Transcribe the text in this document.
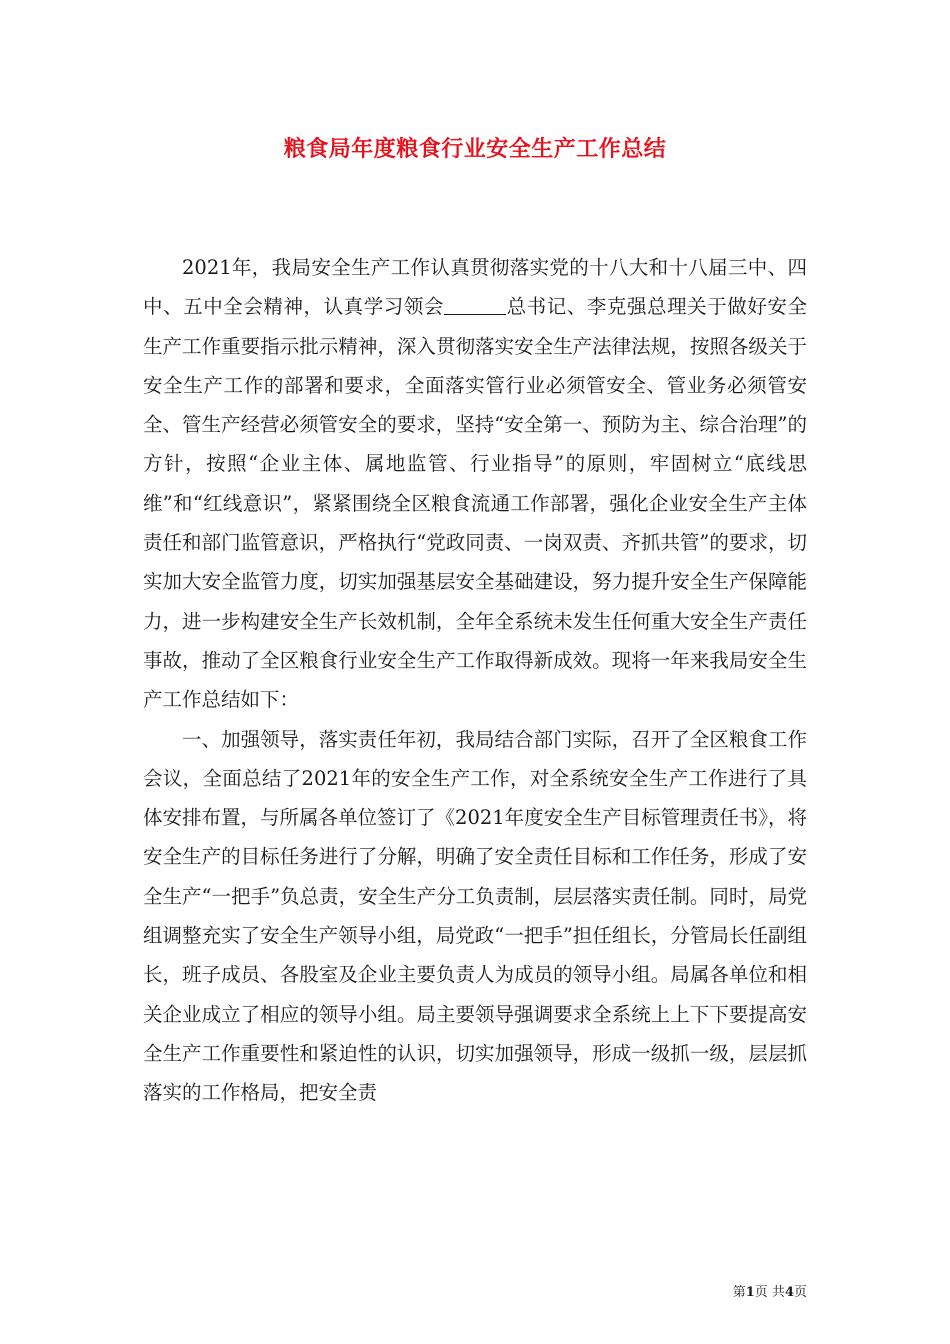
粮食局年度粮食行业安全生产工作总结

2021年，我局安全生产工作认真贯彻落实党的十八大和十八届三中、四中、五中全会精神，认真学习领会	总书记、李克强总理关于做好安全生产工作重要指示批示精神，深入贯彻落实安全生产法律法规，按照各级关于安全生产工作的部署和要求，全面落实管行业必须管安全、管业务必须管安全、管生产经营必须管安全的要求，坚持“安全第一、预防为主、综合治理”的方针，按照“企业主体、属地监管、行业指导”的原则，牢固树立“底线思维”和“红线意识”，紧紧围绕全区粮食流通工作部署，强化企业安全生产主体责任和部门监管意识，严格执行“党政同责、一岗双责、齐抓共管”的要求，切实加大安全监管力度，切实加强基层安全基础建设，努力提升安全生产保障能力，进一步构建安全生产长效机制，全年全系统未发生任何重大安全生产责任事故，推动了全区粮食行业安全生产工作取得新成效。现将一年来我局安全生产工作总结如下：

一、加强领导，落实责任年初，我局结合部门实际，召开了全区粮食工作会议，全面总结了2021年的安全生产工作，对全系统安全生产工作进行了具体安排布置，与所属各单位签订了《2021年度安全生产目标管理责任书》，将安全生产的目标任务进行了分解，明确了安全责任目标和工作任务，形成了安全生产“一把手”负总责，安全生产分工负责制，层层落实责任制。同时，局党组调整充实了安全生产领导小组，局党政“一把手”担任组长，分管局长任副组长，班子成员、各股室及企业主要负责人为成员的领导小组。局属各单位和相关企业成立了相应的领导小组。局主要领导强调要求全系统上上下下要提高安全生产工作重要性和紧迫性的认识，切实加强领导，形成一级抓一级，层层抓落实的工作格局，把安全责

第1页 共4页
